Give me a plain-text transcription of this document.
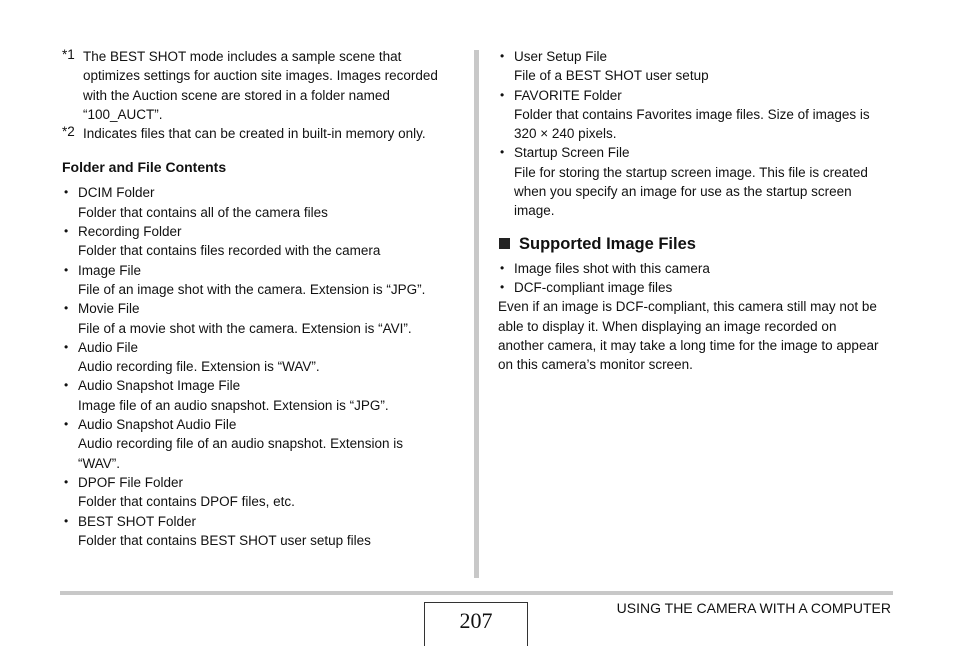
*1 The BEST SHOT mode includes a sample scene that
optimizes settings for auction site images. Images recorded
with the Auction scene are stored in a folder named
“100_AUCT”.
*2 Indicates files that can be created in built-in memory only.
Folder and File Contents
• DCIM Folder
Folder that contains all of the camera files
• Recording Folder
Folder that contains files recorded with the camera
• Image File
File of an image shot with the camera. Extension is “JPG”.
• Movie File
File of a movie shot with the camera. Extension is “AVI”.
• Audio File
Audio recording file. Extension is “WAV”.
• Audio Snapshot Image File
Image file of an audio snapshot. Extension is “JPG”.
• Audio Snapshot Audio File
Audio recording file of an audio snapshot. Extension is
“WAV”.
• DPOF File Folder
Folder that contains DPOF files, etc.
• BEST SHOT Folder
Folder that contains BEST SHOT user setup files
• User Setup File
File of a BEST SHOT user setup
• FAVORITE Folder
Folder that contains Favorites image files. Size of images is
320 × 240 pixels.
• Startup Screen File
File for storing the startup screen image. This file is created
when you specify an image for use as the startup screen
image.
Supported Image Files
• Image files shot with this camera
• DCF-compliant image files
Even if an image is DCF-compliant, this camera still may not be
able to display it. When displaying an image recorded on
another camera, it may take a long time for the image to appear
on this camera’s monitor screen.
207	USING THE CAMERA WITH A COMPUTER
